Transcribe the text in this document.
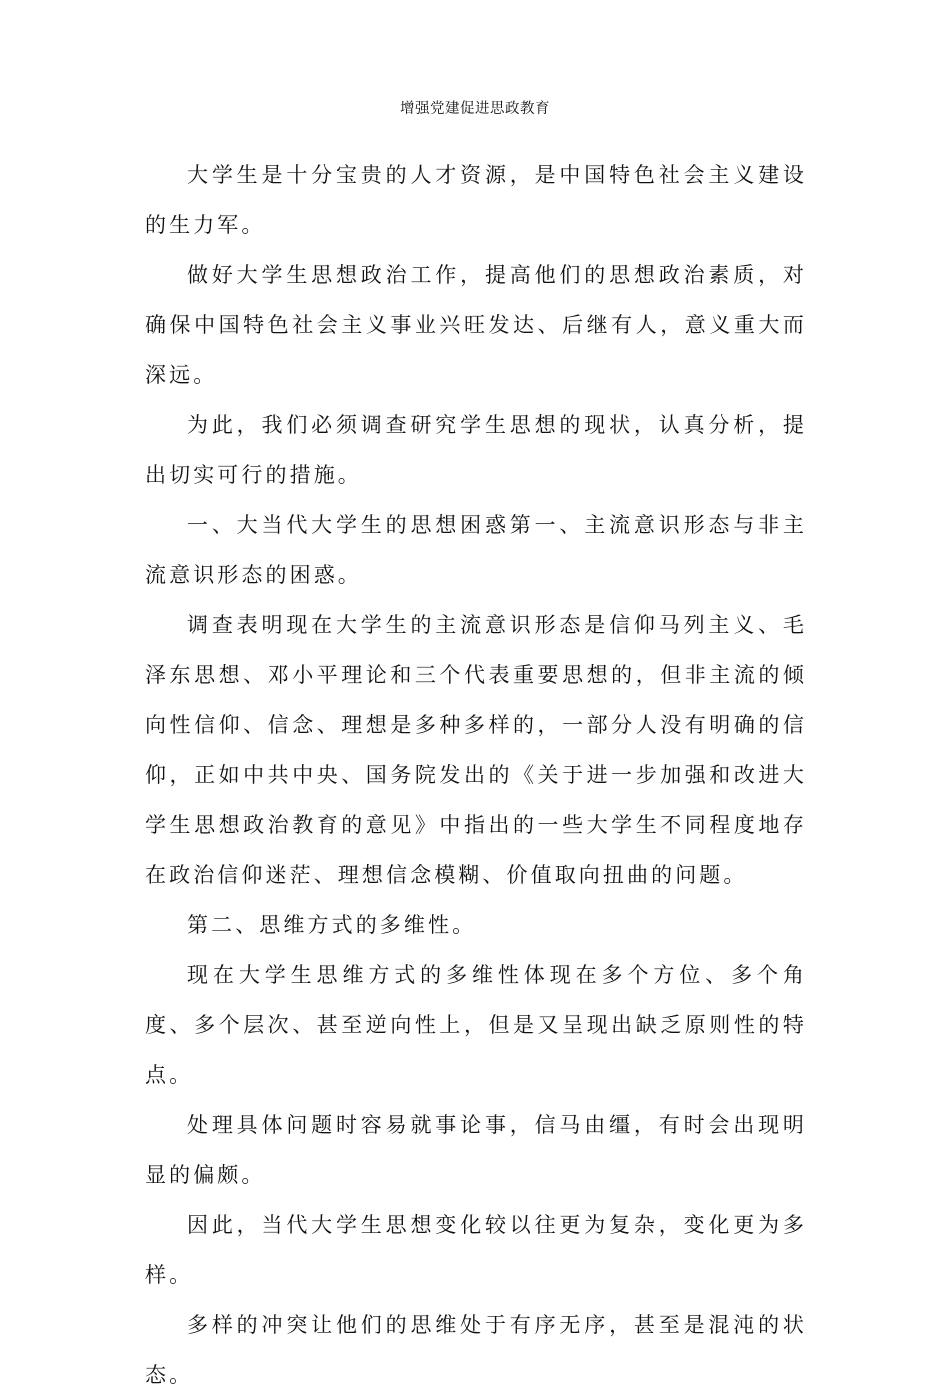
增强党建促进思政教育

大学生是十分宝贵的人才资源，是中国特色社会主义建设的生力军。

做好大学生思想政治工作，提高他们的思想政治素质，对确保中国特色社会主义事业兴旺发达、后继有人，意义重大而深远。

为此，我们必须调查研究学生思想的现状，认真分析，提出切实可行的措施。

一、大当代大学生的思想困惑第一、主流意识形态与非主流意识形态的困惑。

调查表明现在大学生的主流意识形态是信仰马列主义、毛泽东思想、邓小平理论和三个代表重要思想的，但非主流的倾向性信仰、信念、理想是多种多样的，一部分人没有明确的信仰，正如中共中央、国务院发出的《关于进一步加强和改进大学生思想政治教育的意见》中指出的一些大学生不同程度地存在政治信仰迷茫、理想信念模糊、价值取向扭曲的问题。

第二、思维方式的多维性。

现在大学生思维方式的多维性体现在多个方位、多个角度、多个层次、甚至逆向性上，但是又呈现出缺乏原则性的特点。

处理具体问题时容易就事论事，信马由缰，有时会出现明显的偏颇。

因此，当代大学生思想变化较以往更为复杂，变化更为多样。

多样的冲突让他们的思维处于有序无序，甚至是混沌的状态。
